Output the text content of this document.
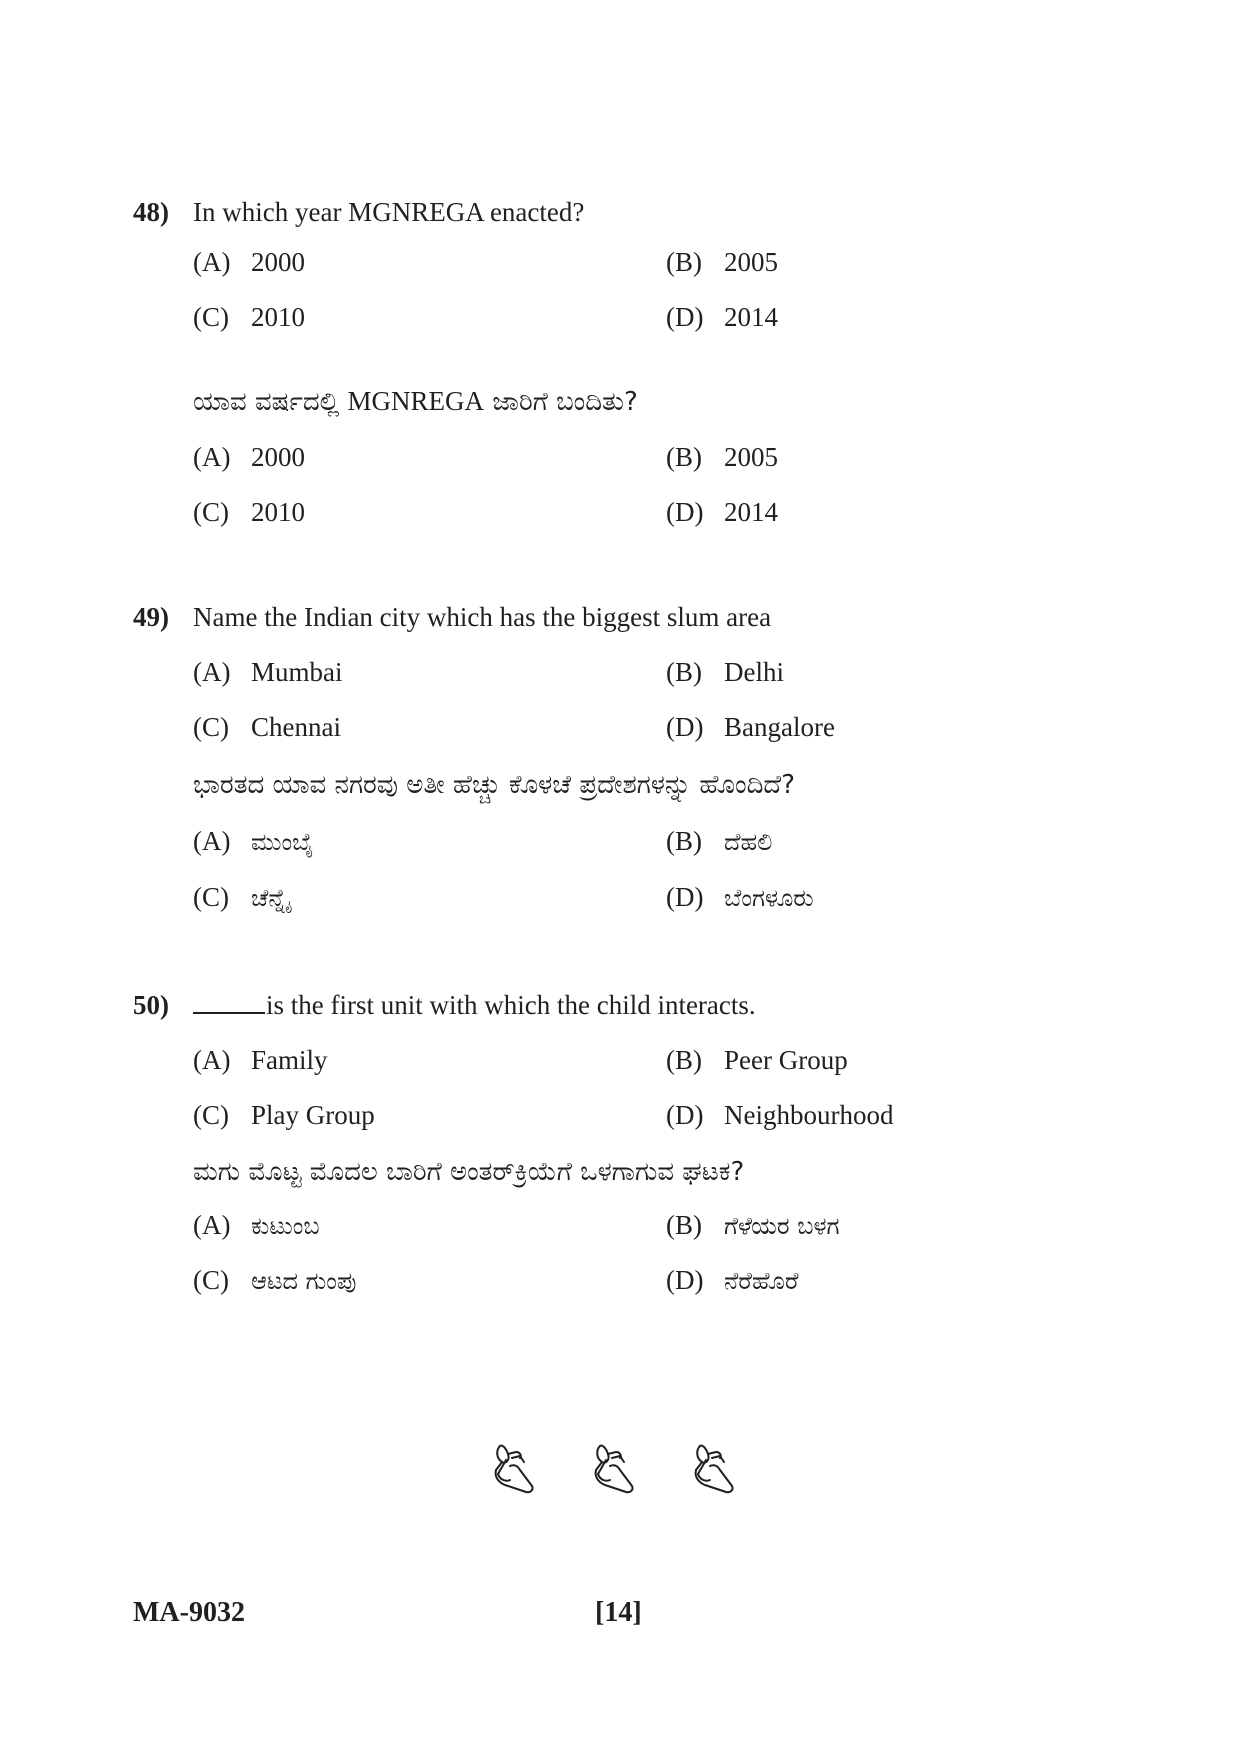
48) In which year MGNREGA enacted?
(A) 2000	(B) 2005
(C) 2010	(D) 2014
ಯಾವ ವರ್ಷದಲ್ಲಿ MGNREGA ಜಾರಿಗೆ ಬಂದಿತು?
(A) 2000	(B) 2005
(C) 2010	(D) 2014
49) Name the Indian city which has the biggest slum area
(A) Mumbai	(B) Delhi
(C) Chennai	(D) Bangalore
ಭಾರತದ ಯಾವ ನಗರವು ಅತೀ ಹೆಚ್ಚು ಕೊಳಚೆ ಪ್ರದೇಶಗಳನ್ನು ಹೊಂದಿದೆ?
(A) ಮುಂಬೈ	(B) ದೆಹಲಿ
(C) ಚೆನ್ನೈ	(D) ಬೆಂಗಳೂರು
50)	is the first unit with which the child interacts.
(A) Family	(B) Peer Group
(C) Play Group	(D) Neighbourhood
ಮಗು ಮೊಟ್ಟ ಮೊದಲ ಬಾರಿಗೆ ಅಂತರ್‌ಕ್ರಿಯೆಗೆ ಒಳಗಾಗುವ ಘಟಕ?
(A) ಕುಟುಂಬ	(B) ಗೆಳೆಯರ ಬಳಗ
(C) ಆಟದ ಗುಂಪು	(D) ನೆರೆಹೊರೆ
MA-9032	[14]
